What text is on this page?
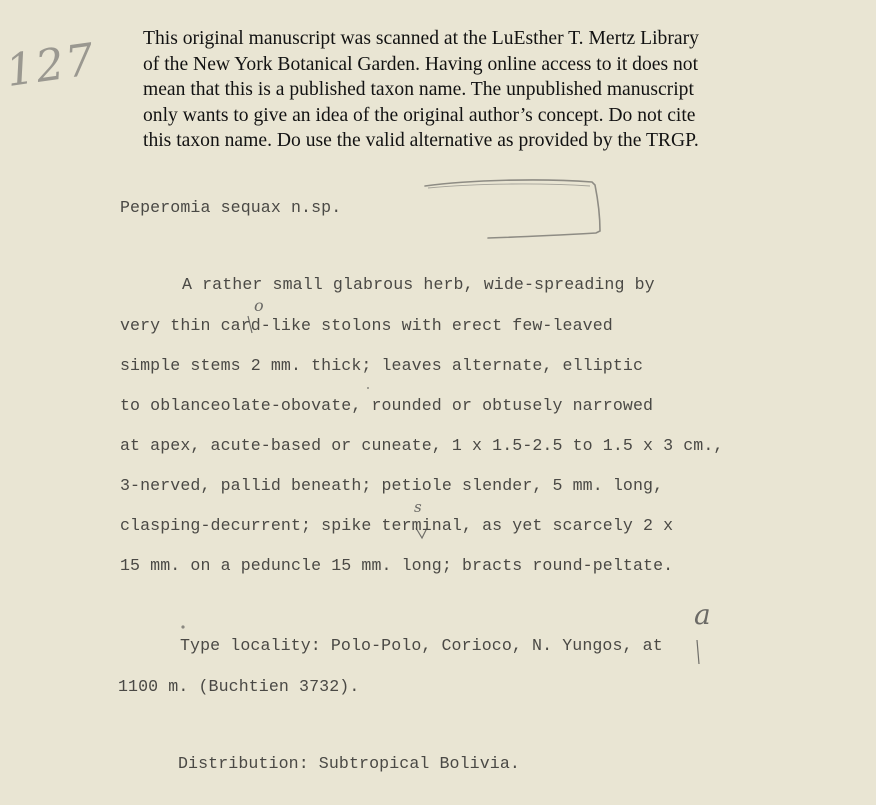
This original manuscript was scanned at the LuEsther T. Mertz Library
of the New York Botanical Garden. Having online access to it does not
mean that this is a published taxon name. The unpublished manuscript
only wants to give an idea of the original author’s concept. Do not cite
this taxon name. Do use the valid alternative as provided by the TRGP.
127
Peperomia sequax n.sp.
A rather small glabrous herb, wide-spreading by
very thin card-like stolons with erect few-leaved
simple stems 2 mm. thick; leaves alternate, elliptic
to oblanceolate-obovate, rounded or obtusely narrowed
at apex, acute-based or cuneate, 1 x 1.5-2.5 to 1.5 x 3 cm.,
3-nerved, pallid beneath; petiole slender, 5 mm. long,
clasping-decurrent; spike terminal, as yet scarcely 2 x
15 mm. on a peduncle 15 mm. long; bracts round-peltate.
o
s
a
Type locality: Polo-Polo, Corioco, N. Yungos, at
1100 m. (Buchtien 3732).
Distribution: Subtropical Bolivia.
